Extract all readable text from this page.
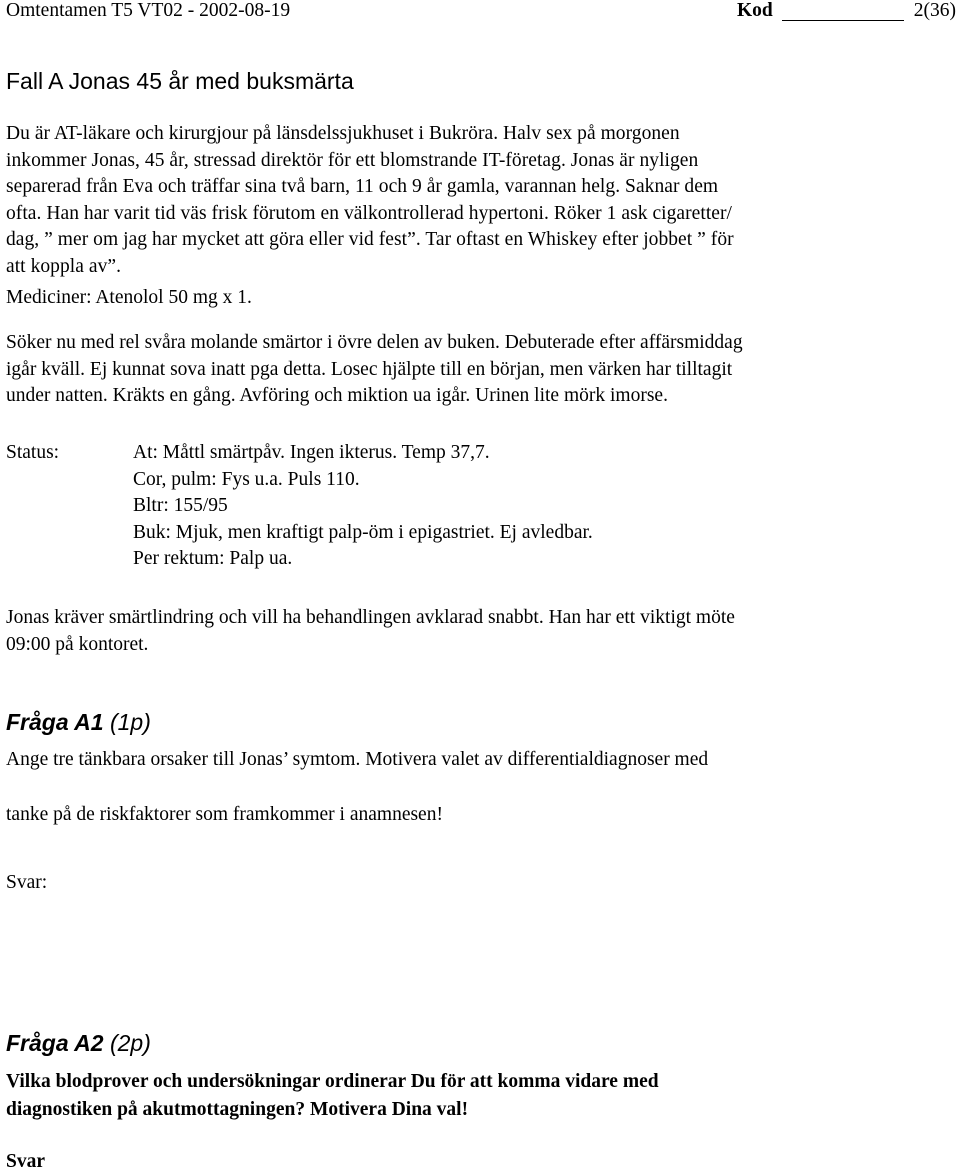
Omtentamen T5 VT02 - 2002-08-19	Kod	2(36)
Fall A Jonas 45 år med buksmärta
Du är AT-läkare och kirurgjour på länsdelssjukhuset i Bukröra. Halv sex på morgonen
inkommer Jonas, 45 år, stressad direktör för ett blomstrande IT-företag. Jonas är nyligen
separerad från Eva och träffar sina två barn, 11 och 9 år gamla, varannan helg. Saknar dem
ofta. Han har varit tid väs frisk förutom en välkontrollerad hypertoni. Röker 1 ask cigaretter/
dag, ” mer om jag har mycket att göra eller vid fest”. Tar oftast en Whiskey efter jobbet ” för
att koppla av”.
Mediciner: Atenolol 50 mg x 1.
Söker nu med rel svåra molande smärtor i övre delen av buken. Debuterade efter affärsmiddag
igår kväll. Ej kunnat sova inatt pga detta. Losec hjälpte till en början, men värken har tilltagit
under natten. Kräkts en gång. Avföring och miktion ua igår. Urinen lite mörk imorse.
Status:	At: Måttl smärtpåv. Ingen ikterus. Temp 37,7.
Cor, pulm: Fys u.a. Puls 110.
Bltr: 155/95
Buk: Mjuk, men kraftigt palp-öm i epigastriet. Ej avledbar.
Per rektum: Palp ua.
Jonas kräver smärtlindring och vill ha behandlingen avklarad snabbt. Han har ett viktigt möte
09:00 på kontoret.
Fråga A1 (1p)
Ange tre tänkbara orsaker till Jonas’ symtom. Motivera valet av differentialdiagnoser med
tanke på de riskfaktorer som framkommer i anamnesen!
Svar:
Fråga A2 (2p)
Vilka blodprover och undersökningar ordinerar Du för att komma vidare med
diagnostiken på akutmottagningen? Motivera Dina val!
Svar
